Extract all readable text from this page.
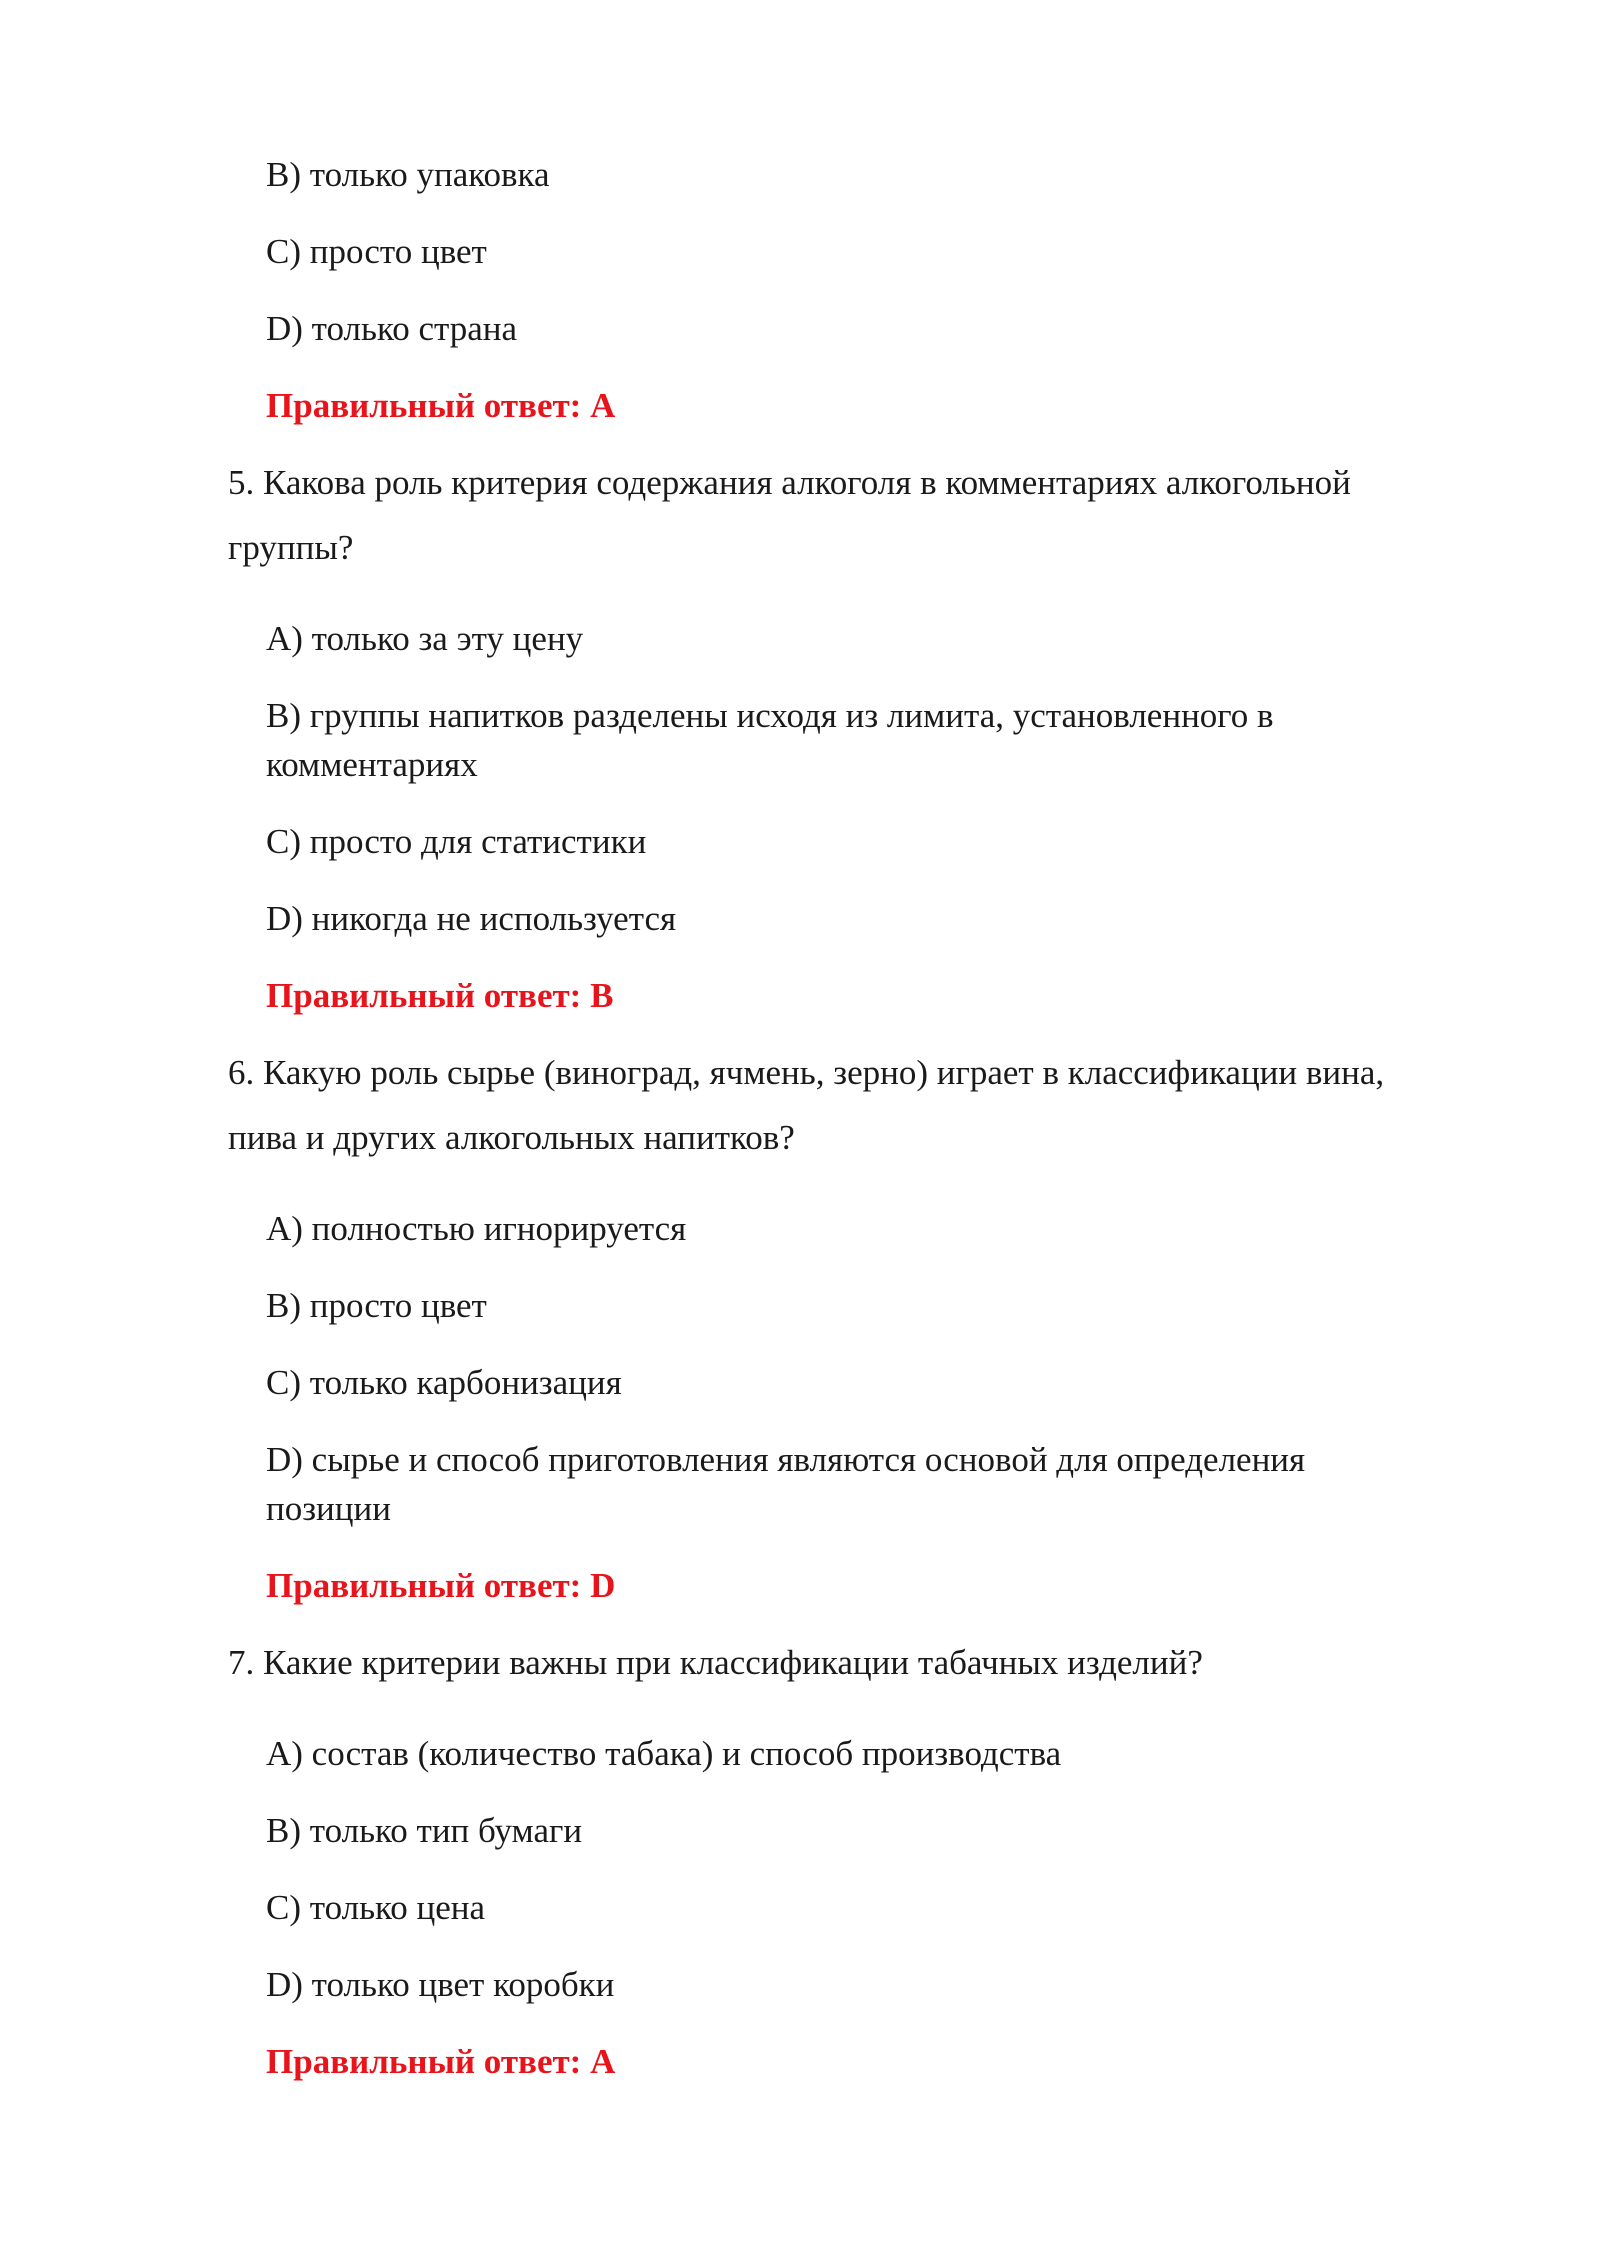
B) только упаковка
C) просто цвет
D) только страна
Правильный ответ: A
5. Какова роль критерия содержания алкоголя в комментариях алкогольной
группы?
A) только за эту цену
B) группы напитков разделены исходя из лимита, установленного в
комментариях
C) просто для статистики
D) никогда не используется
Правильный ответ: B
6. Какую роль сырье (виноград, ячмень, зерно) играет в классификации вина,
пива и других алкогольных напитков?
A) полностью игнорируется
B) просто цвет
C) только карбонизация
D) сырье и способ приготовления являются основой для определения
позиции
Правильный ответ: D
7. Какие критерии важны при классификации табачных изделий?
A) состав (количество табака) и способ производства
B) только тип бумаги
C) только цена
D) только цвет коробки
Правильный ответ: A
